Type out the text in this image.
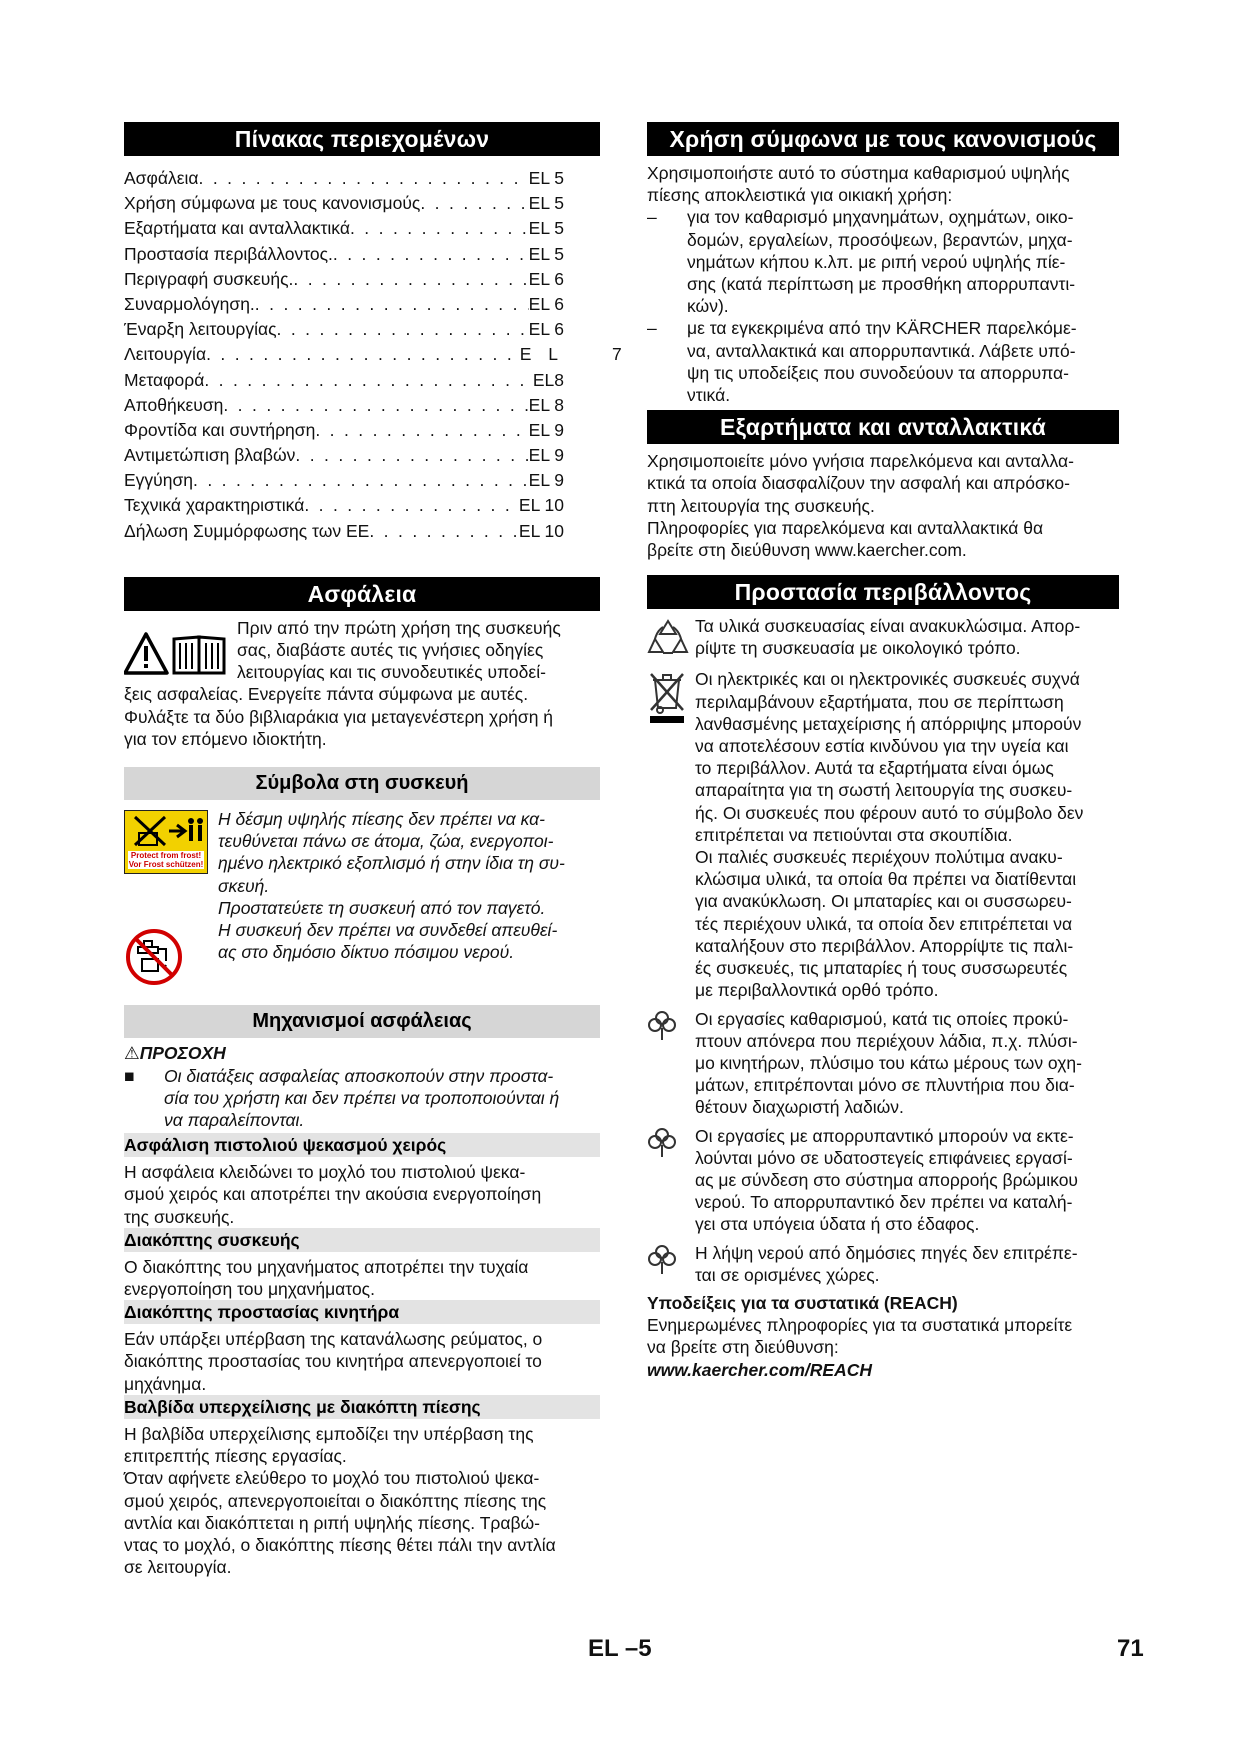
Πίνακας περιεχομένων
Ασφάλεια . . .	EL 5
Χρήση σύμφωνα με τους κανονισμούς . . .	EL 5
Εξαρτήματα και ανταλλακτικά . . .	EL 5
Προστασία περιβάλλοντος. . . .	EL 5
Περιγραφή συσκευής. . . .	EL 6
Συναρμολόγηση. . . .	EL 6
Έναρξη λειτουργίας . . .	EL 6
Λειτουργία . . .	E L	7
Μεταφορά . . .	EL8
Αποθήκευση . . .	EL 8
Φροντίδα και συντήρηση . . .	EL 9
Αντιμετώπιση βλαβών . . .	EL 9
Εγγύηση . . .	EL 9
Τεχνικά χαρακτηριστικά . . .	EL 10
Δήλωση Συμμόρφωσης των ΕΕ . . .	EL 10
Ασφάλεια

Πριν από την πρώτη χρήση της συσκευής

σας, διαβάστε αυτές τις γνήσιες οδηγίες

λειτουργίας και τις συνοδευτικές υποδεί-

ξεις ασφαλείας. Ενεργείτε πάντα σύμφωνα με αυτές.

Φυλάξτε τα δύο βιβλιαράκια για μεταγενέστερη χρήση ή

για τον επόμενο ιδιοκτήτη.

Σύμβολα στη συσκευή
Protect from frost!
Vor Frost schützen!

Η δέσμη υψηλής πίεσης δεν πρέπει να κα-

τευθύνεται πάνω σε άτομα, ζώα, ενεργοποι-

ημένο ηλεκτρικό εξοπλισμό ή στην ίδια τη συ-

σκευή.

Προστατεύετε τη συσκευή από τον παγετό.

Η συσκευή δεν πρέπει να συνδεθεί απευθεί-

ας στο δημόσιο δίκτυο πόσιμου νερού.

Μηχανισμοί ασφάλειας

⚠ΠΡΟΣΟΧΗ

■	Οι διατάξεις ασφαλείας αποσκοπούν στην προστα-

σία του χρήστη και δεν πρέπει να τροποποιούνται ή

να παραλείπονται.

Ασφάλιση πιστολιού ψεκασμού χειρός

Η ασφάλεια κλειδώνει το μοχλό του πιστολιού ψεκα-

σμού χειρός και αποτρέπει την ακούσια ενεργοποίηση

της συσκευής.

Διακόπτης συσκευής

Ο διακόπτης του μηχανήματος αποτρέπει την τυχαία

ενεργοποίηση του μηχανήματος.

Διακόπτης προστασίας κινητήρα

Εάν υπάρξει υπέρβαση της κατανάλωσης ρεύματος, ο

διακόπτης προστασίας του κινητήρα απενεργοποιεί το

μηχάνημα.

Βαλβίδα υπερχείλισης με διακόπτη πίεσης

Η βαλβίδα υπερχείλισης εμποδίζει την υπέρβαση της

επιτρεπτής πίεσης εργασίας.

Όταν αφήνετε ελεύθερο το μοχλό του πιστολιού ψεκα-

σμού χειρός, απενεργοποιείται ο διακόπτης πίεσης της

αντλία και διακόπτεται η ριπή υψηλής πίεσης. Τραβώ-

ντας το μοχλό, ο διακόπτης πίεσης θέτει πάλι την αντλία

σε λειτουργία.

Χρήση σύμφωνα με τους κανονισμούς

Χρησιμοποιήστε αυτό το σύστημα καθαρισμού υψηλής

πίεσης αποκλειστικά για οικιακή χρήση:

– για τον καθαρισμό μηχανημάτων, οχημάτων, οικο-

δομών, εργαλείων, προσόψεων, βεραντών, μηχα-

νημάτων κήπου κ.λπ. με ριπή νερού υψηλής πίε-

σης (κατά περίπτωση με προσθήκη απορρυπαντι-

κών).

– με τα εγκεκριμένα από την KÄRCHER παρελκόμε-

να, ανταλλακτικά και απορρυπαντικά. Λάβετε υπό-

ψη τις υποδείξεις που συνοδεύουν τα απορρυπα-

ντικά.

Εξαρτήματα και ανταλλακτικά

Χρησιμοποιείτε μόνο γνήσια παρελκόμενα και ανταλλα-

κτικά τα οποία διασφαλίζουν την ασφαλή και απρόσκο-

πτη λειτουργία της συσκευής.

Πληροφορίες για παρελκόμενα και ανταλλακτικά θα

βρείτε στη διεύθυνση www.kaercher.com.

Προστασία περιβάλλοντος

Τα υλικά συσκευασίας είναι ανακυκλώσιμα. Απορ-

ρίψτε τη συσκευασία με οικολογικό τρόπο.

Οι ηλεκτρικές και οι ηλεκτρονικές συσκευές συχνά

περιλαμβάνουν εξαρτήματα, που σε περίπτωση

λανθασμένης μεταχείρισης ή απόρριψης μπορούν

να αποτελέσουν εστία κινδύνου για την υγεία και

το περιβάλλον. Αυτά τα εξαρτήματα είναι όμως

απαραίτητα για τη σωστή λειτουργία της συσκευ-

ής. Οι συσκευές που φέρουν αυτό το σύμβολο δεν

επιτρέπεται να πετιούνται στα σκουπίδια.

Οι παλιές συσκευές περιέχουν πολύτιμα ανακυ-

κλώσιμα υλικά, τα οποία θα πρέπει να διατίθενται

για ανακύκλωση. Οι μπαταρίες και οι συσσωρευ-

τές περιέχουν υλικά, τα οποία δεν επιτρέπεται να

καταλήξουν στο περιβάλλον. Απορρίψτε τις παλι-

ές συσκευές, τις μπαταρίες ή τους συσσωρευτές

με περιβαλλοντικά ορθό τρόπο.

Οι εργασίες καθαρισμού, κατά τις οποίες προκύ-

πτουν απόνερα που περιέχουν λάδια, π.χ. πλύσι-

μο κινητήρων, πλύσιμο του κάτω μέρους των οχη-

μάτων, επιτρέπονται μόνο σε πλυντήρια που δια-

θέτουν διαχωριστή λαδιών.

Οι εργασίες με απορρυπαντικό μπορούν να εκτε-

λούνται μόνο σε υδατοστεγείς επιφάνειες εργασί-

ας με σύνδεση στο σύστημα απορροής βρώμικου

νερού. Το απορρυπαντικό δεν πρέπει να καταλή-

γει στα υπόγεια ύδατα ή στο έδαφος.

Η λήψη νερού από δημόσιες πηγές δεν επιτρέπε-

ται σε ορισμένες χώρες.

Υποδείξεις για τα συστατικά (REACH)

Ενημερωμένες πληροφορίες για τα συστατικά μπορείτε

να βρείτε στη διεύθυνση:

www.kaercher.com/REACH

EL –5	71
